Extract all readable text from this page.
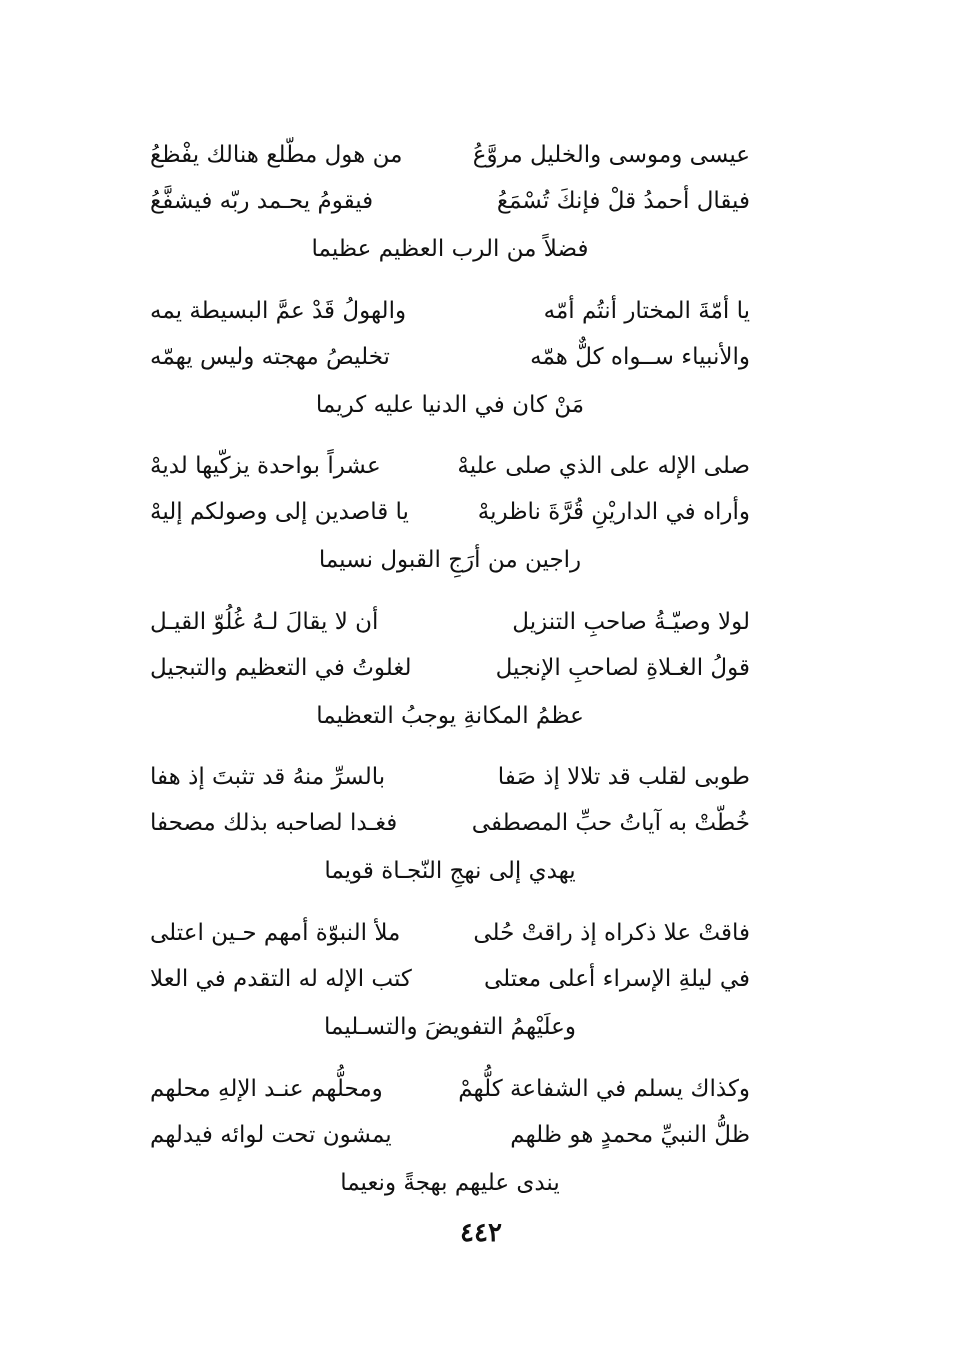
عيسى وموسى والخليل مروَّعُ
من هول مطّلع هنالك يفْظعُ
فيقال أحمدُ قلْ فإنكَ تُسْمَعُ
فيقومُ يحـمد ربّه فيشفَّعُ
فضلاً من الرب العظيم عظيما
يا أمّةَ المختار أنتُم أمّه
والهولُ قَدْ عمَّ البسيطة يمه
والأنبياء ســواه كلٌّ همّه
تخليصُ مهجته وليس يهمّه
مَنْ كان في الدنيا عليه كريما
صلى الإله على الذي صلى عليهْ
عشراً بواحدة يزكّيها لديهْ
وأراه في الداريْنِ قُرَّةَ ناظريهْ
يا قاصدين إلى وصولكم إليهْ
راجين من أرَجِ القبول نسيما
لولا وصيّـةُ صاحبِ التنزيل
أن لا يقالَ لـهُ غُلُوّ القيـل
قولُ الغـلاةِ لصاحبِ الإنجيل
لغلوتُ في التعظيم والتبجيل
عظمُ المكانةِ يوجبُ التعظيما
طوبى لقلب قد تلالا إذ صَفا
بالسرِّ منهُ قد تثبتَ إذ هفا
خُطّتْ به آياتُ حبِّ المصطفى
فغـدا لصاحبه بذلك مصحفا
يهدي إلى نهجِ النّجـاة قويما
فاقتْ علا ذكراه إذ راقتْ حُلى
ملأ النبوّة أمهم حـين اعتلى
في ليلةِ الإسراء أعلى معتلى
كتب الإله له التقدم في العلا
وعلَيْهمُ التفويضَ والتسـليما
وكذاك يسلم في الشفاعة كلُّهمْ
ومحلُّهم عنـد الإلهِ محلهم
ظلُّ النبيِّ محمدٍ هو ظلهم
يمشون تحت لوائه فيدلهم
يندى عليهم بهجةً ونعيما
٤٤٢
